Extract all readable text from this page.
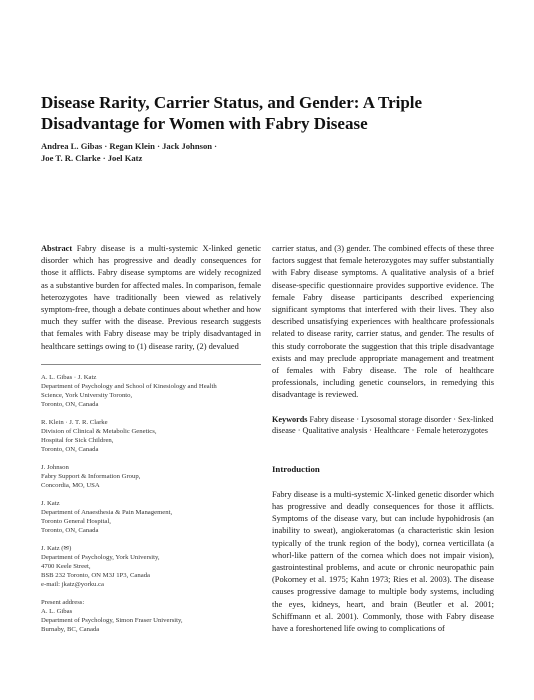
Disease Rarity, Carrier Status, and Gender: A Triple Disadvantage for Women with Fabry Disease
Andrea L. Gibas · Regan Klein · Jack Johnson ·
Joe T. R. Clarke · Joel Katz

Abstract Fabry disease is a multi-systemic X-linked genetic disorder which has progressive and deadly consequences for those it afflicts. Fabry disease symptoms are widely recognized as a substantive burden for affected males. In comparison, female heterozygotes have traditionally been viewed as relatively symptom-free, though a debate continues about whether and how much they suffer with the disease. Previous research suggests that females with Fabry disease may be triply disadvantaged in healthcare settings owing to (1) disease rarity, (2) devalued

A. L. Gibas · J. Katz
Department of Psychology and School of Kinesiology and Health
Science, York University Toronto,
Toronto, ON, Canada
R. Klein · J. T. R. Clarke
Division of Clinical & Metabolic Genetics,
Hospital for Sick Children,
Toronto, ON, Canada
J. Johnson
Fabry Support & Information Group,
Concordia, MO, USA
J. Katz
Department of Anaesthesia & Pain Management,
Toronto General Hospital,
Toronto, ON, Canada
J. Katz (✉)
Department of Psychology, York University,
4700 Keele Street,
BSB 232 Toronto, ON M3J 1P3, Canada
e-mail: jkatz@yorku.ca
Present address:
A. L. Gibas
Department of Psychology, Simon Fraser University,
Burnaby, BC, Canada

carrier status, and (3) gender. The combined effects of these three factors suggest that female heterozygotes may suffer substantially with Fabry disease symptoms. A qualitative analysis of a brief disease-specific questionnaire provides supportive evidence. The female Fabry disease participants described experiencing significant symptoms that interfered with their lives. They also described unsatisfying experiences with healthcare professionals related to disease rarity, carrier status, and gender. The results of this study corroborate the suggestion that this triple disadvantage exists and may preclude appropriate management and treatment of females with Fabry disease. The role of healthcare professionals, including genetic counselors, in remedying this disadvantage is reviewed.

Keywords Fabry disease · Lysosomal storage disorder · Sex-linked disease · Qualitative analysis · Healthcare · Female heterozygotes

Introduction

Fabry disease is a multi-systemic X-linked genetic disorder which has progressive and deadly consequences for those it afflicts. Symptoms of the disease vary, but can include hypohidrosis (an inability to sweat), angiokeratomas (a characteristic skin lesion typically of the trunk region of the body), cornea verticillata (a whorl-like pattern of the cornea which does not impair vision), gastrointestinal problems, and acute or chronic neuropathic pain (Pokorney et al. 1975; Kahn 1973; Ries et al. 2003). The disease causes progressive damage to multiple body systems, including the eyes, kidneys, heart, and brain (Beutler et al. 2001; Schiffmann et al. 2001). Commonly, those with Fabry disease have a foreshortened life owing to complications of
